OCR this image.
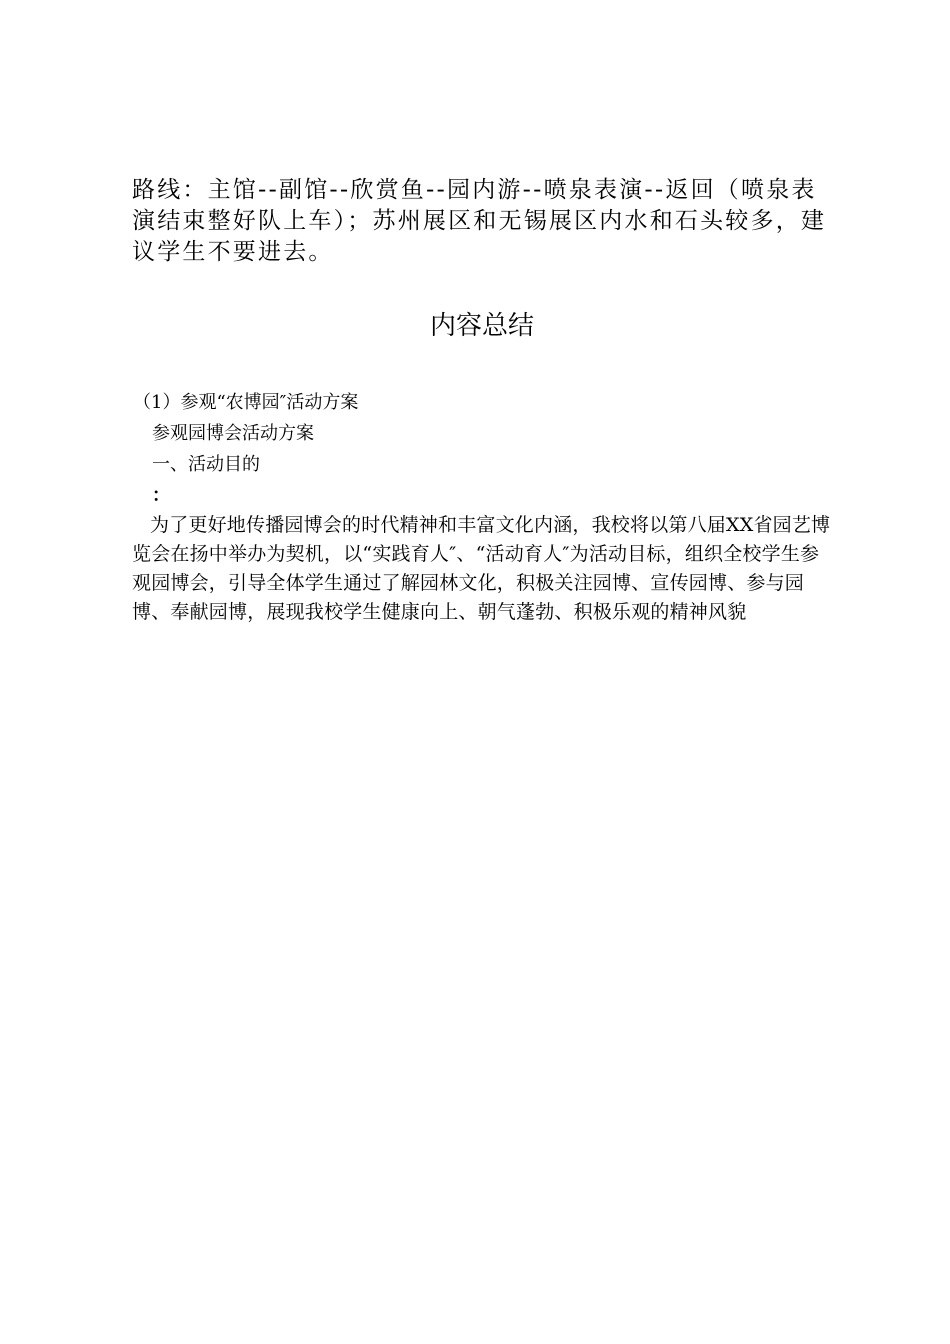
路线：主馆--副馆--欣赏鱼--园内游--喷泉表演--返回（喷泉表演结束整好队上车）；苏州展区和无锡展区内水和石头较多，建议学生不要进去。

内容总结

（1）参观“农博园″活动方案

参观园博会活动方案

一、活动目的

：

为了更好地传播园博会的时代精神和丰富文化内涵，我校将以第八届XX省园艺博览会在扬中举办为契机，以“实践育人″、“活动育人″为活动目标，组织全校学生参观园博会，引导全体学生通过了解园林文化，积极关注园博、宣传园博、参与园博、奉献园博，展现我校学生健康向上、朝气蓬勃、积极乐观的精神风貌
